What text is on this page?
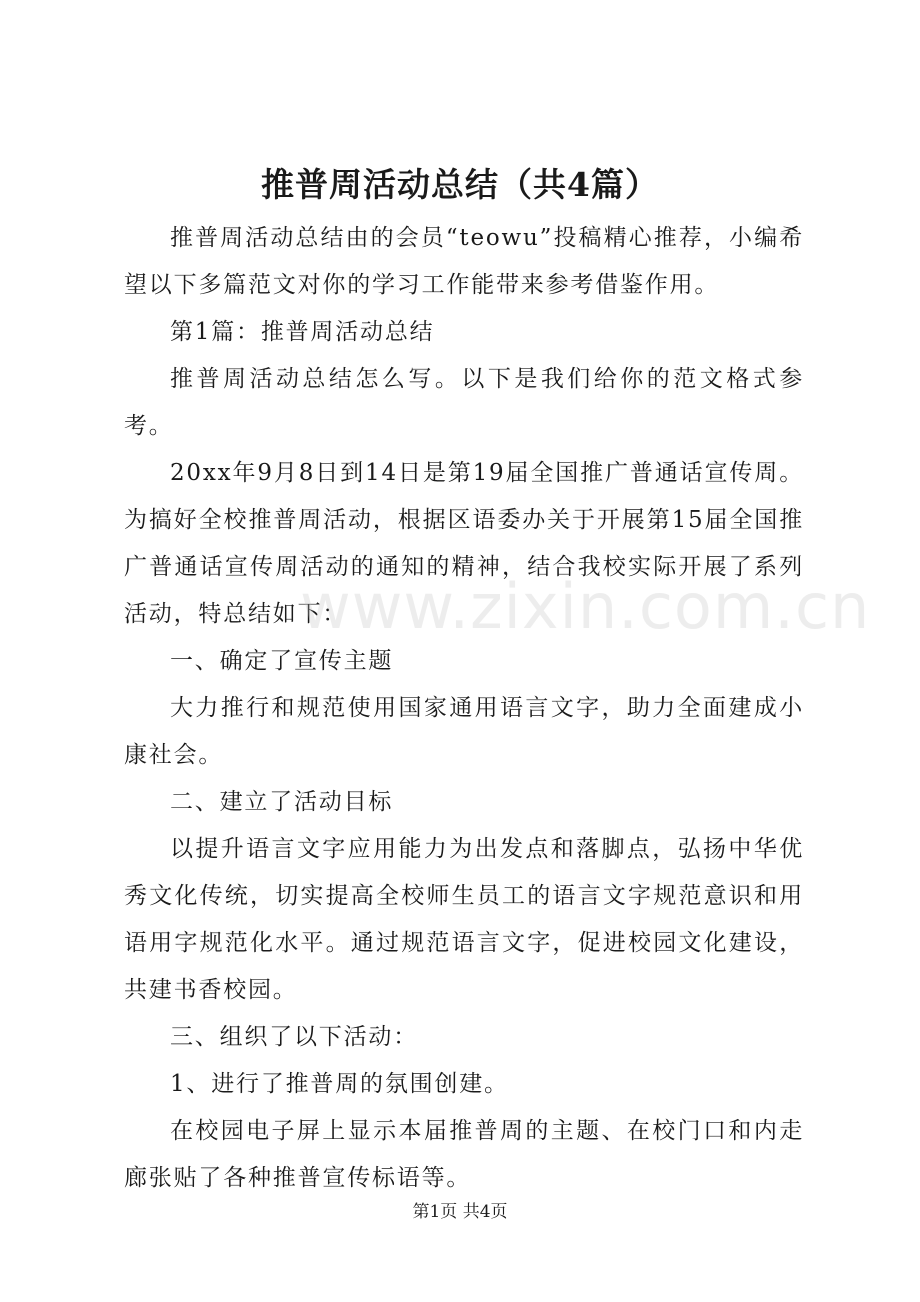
推普周活动总结（共4篇）

推普周活动总结由的会员“teowu”投稿精心推荐，小编希望以下多篇范文对你的学习工作能带来参考借鉴作用。

第1篇：推普周活动总结

推普周活动总结怎么写。以下是我们给你的范文格式参考。

20xx年9月8日到14日是第19届全国推广普通话宣传周。为搞好全校推普周活动，根据区语委办关于开展第15届全国推广普通话宣传周活动的通知的精神，结合我校实际开展了系列活动，特总结如下：

一、确定了宣传主题

大力推行和规范使用国家通用语言文字，助力全面建成小康社会。

二、建立了活动目标

以提升语言文字应用能力为出发点和落脚点，弘扬中华优秀文化传统，切实提高全校师生员工的语言文字规范意识和用语用字规范化水平。通过规范语言文字，促进校园文化建设，共建书香校园。

三、组织了以下活动：

1、进行了推普周的氛围创建。

在校园电子屏上显示本届推普周的主题、在校门口和内走廊张贴了各种推普宣传标语等。

www.zixin.com.cn
第1页 共4页
